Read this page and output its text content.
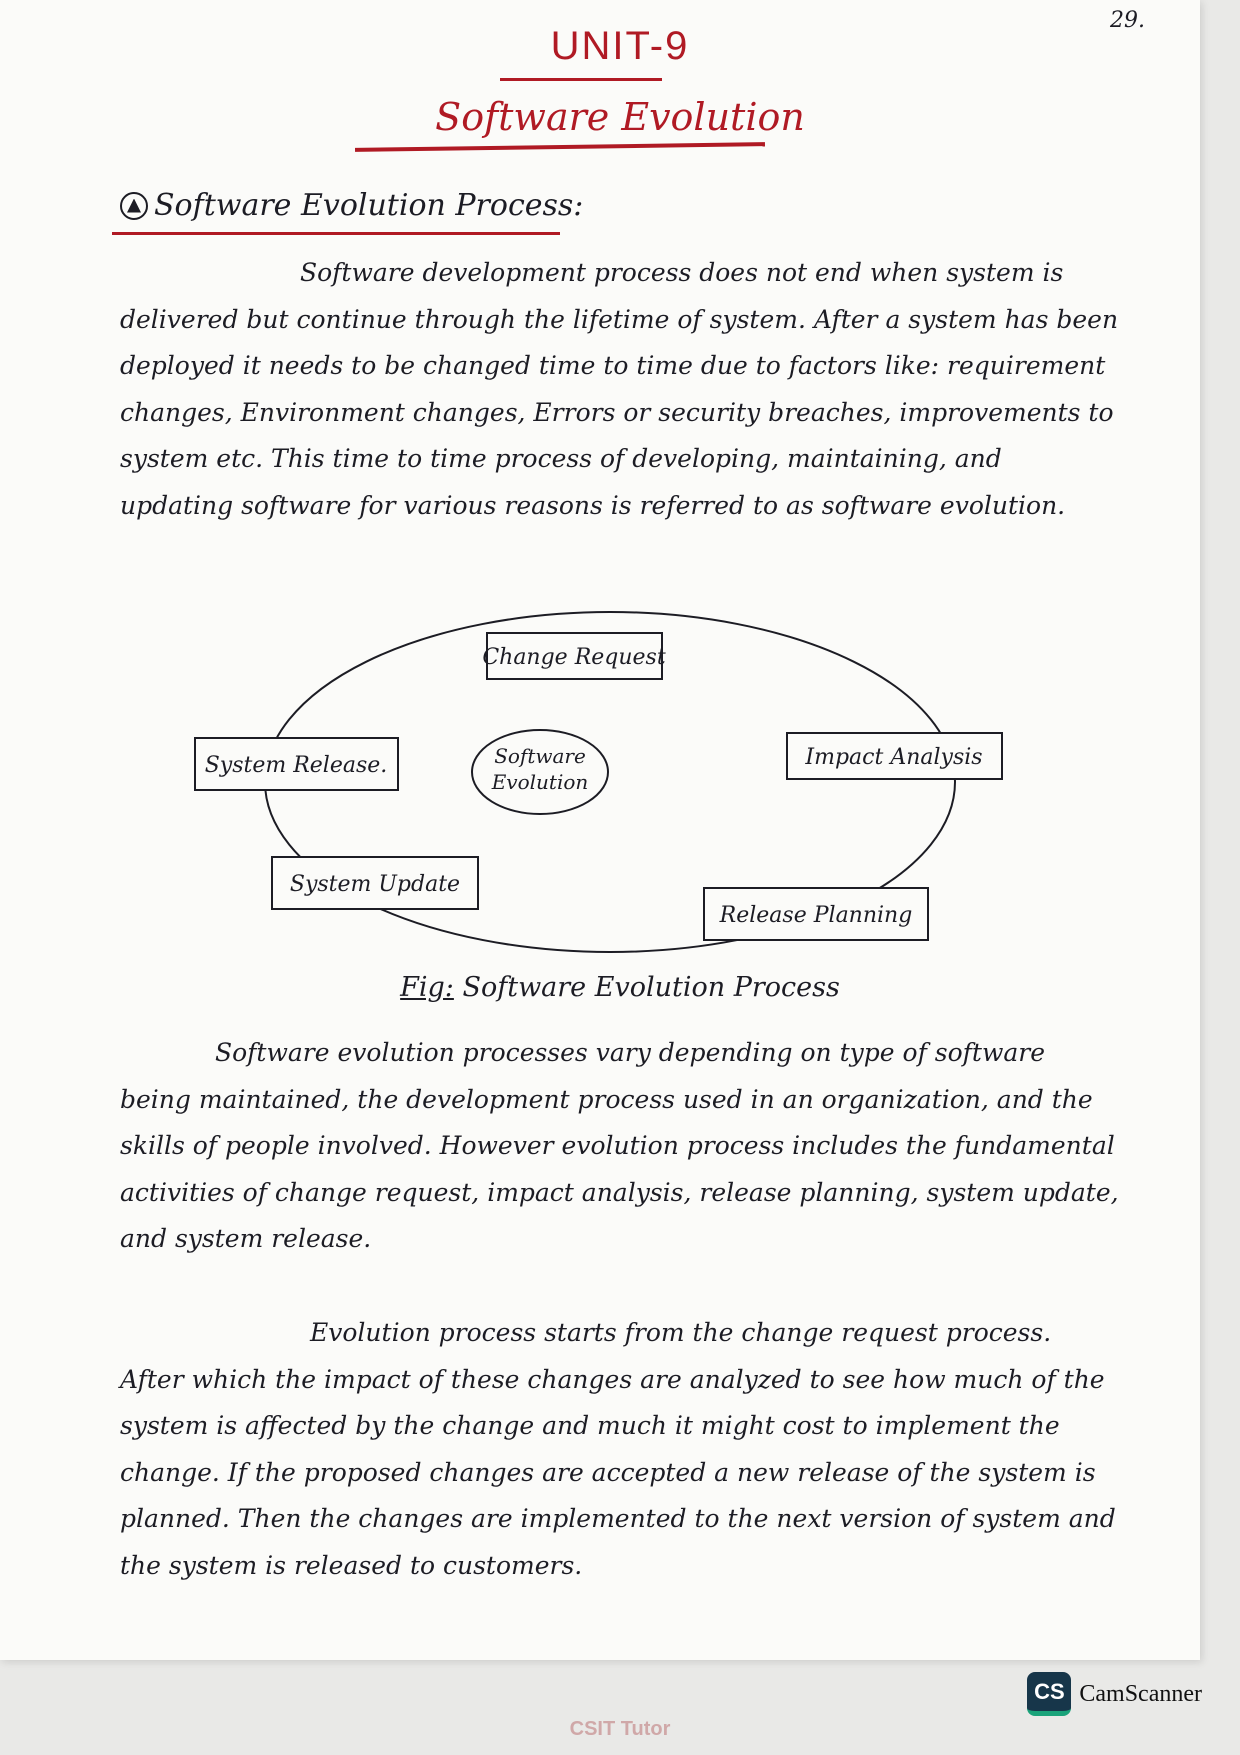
29.
UNIT-9
Software Evolution
Software Evolution Process:

Software development process does not end when system is delivered but continue through the lifetime of system. After a system has been deployed it needs to be changed time to time due to factors like: requirement changes, Environment changes, Errors or security breaches, improvements to system etc. This time to time process of developing, maintaining, and updating software for various reasons is referred to as software evolution.

Software
Evolution
Change Request
Impact Analysis
Release Planning
System Update
System Release.
Fig: Software Evolution Process

Software evolution processes vary depending on type of software being maintained, the development process used in an organization, and the skills of people involved. However evolution process includes the fundamental activities of change request, impact analysis, release planning, system update, and system release.

Evolution process starts from the change request process. After which the impact of these changes are analyzed to see how much of the system is affected by the change and much it might cost to implement the change. If the proposed changes are accepted a new release of the system is planned. Then the changes are implemented to the next version of system and the system is released to customers.

CSIT Tutor
CS CamScanner
